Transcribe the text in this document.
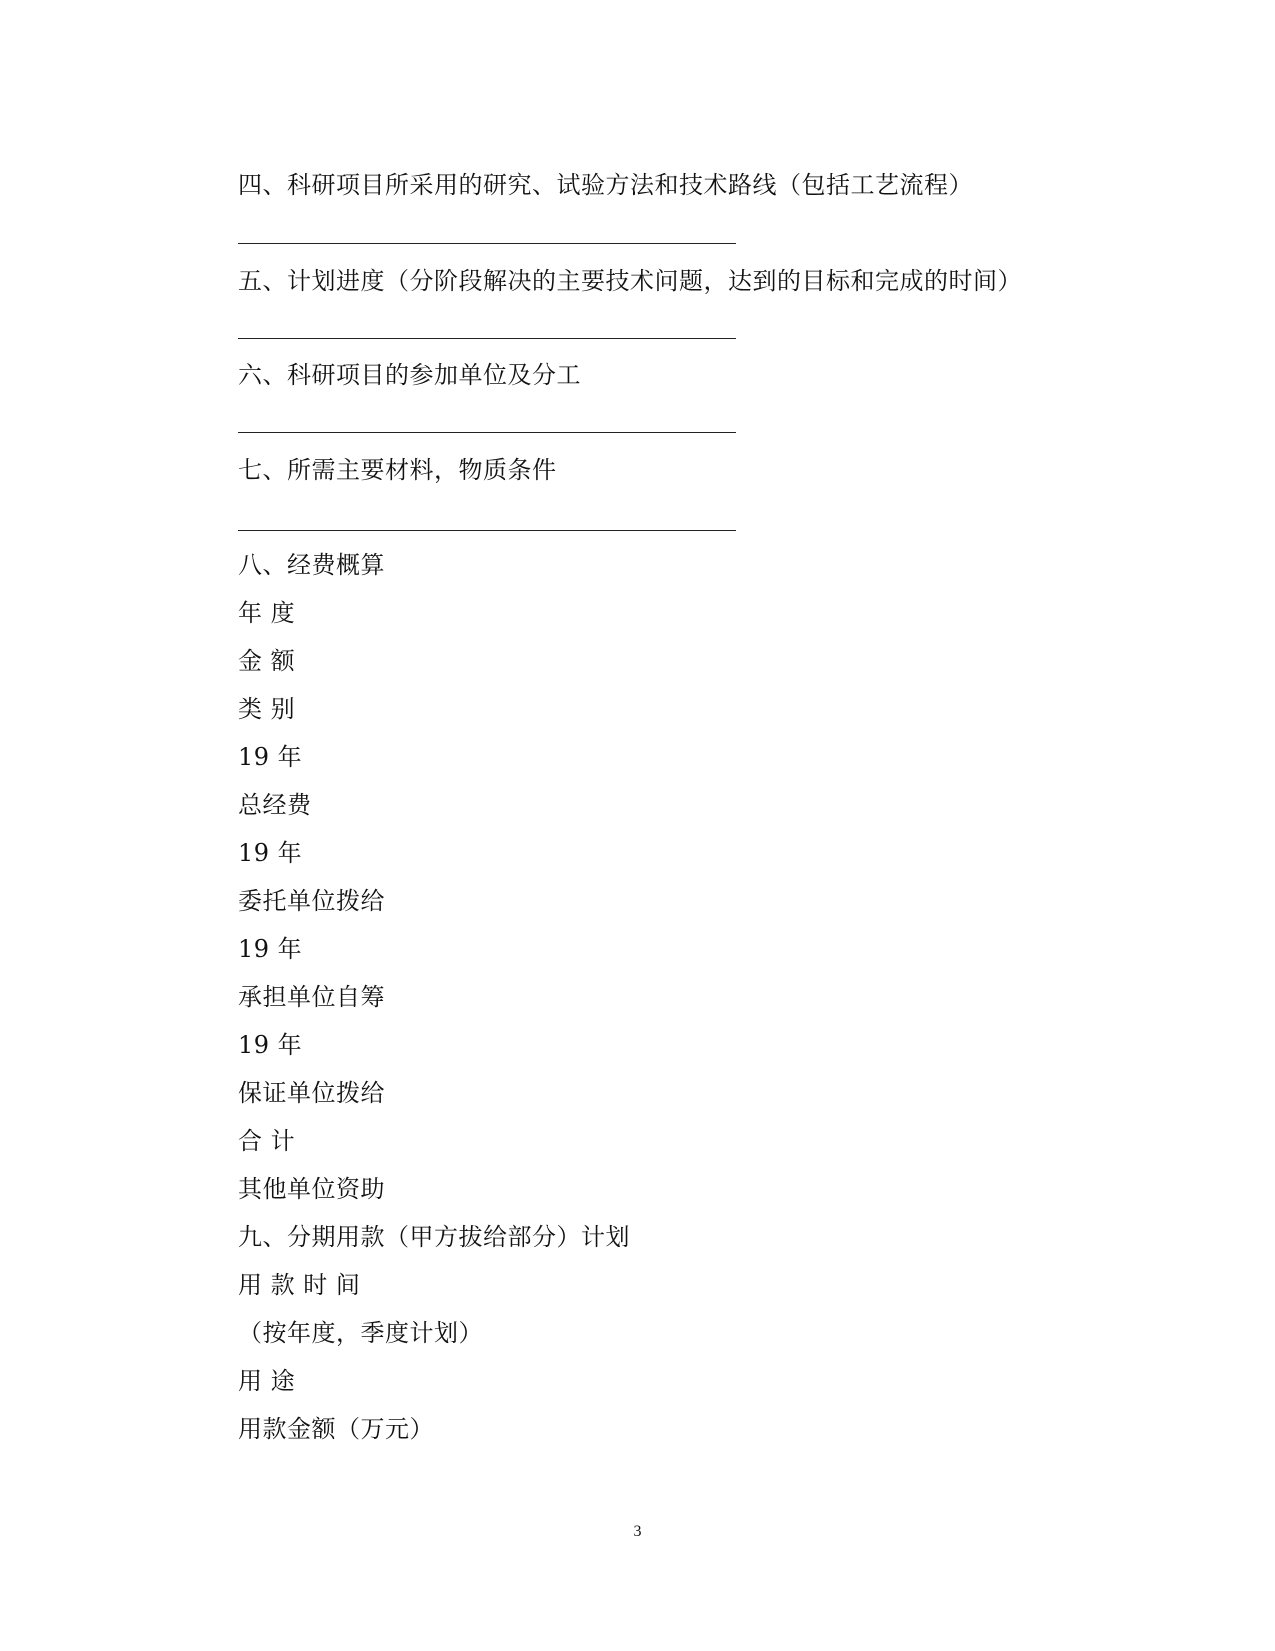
四、科研项目所采用的研究、试验方法和技术路线（包括工艺流程）
五、计划进度（分阶段解决的主要技术问题，达到的目标和完成的时间）
六、科研项目的参加单位及分工
七、所需主要材料，物质条件
八、经费概算
年 度
金 额
类 别
19 年
总经费
19 年
委托单位拨给
19 年
承担单位自筹
19 年
保证单位拨给
合 计
其他单位资助
九、分期用款（甲方拔给部分）计划
用 款 时 间
（按年度，季度计划）
用 途
用款金额（万元）
3
